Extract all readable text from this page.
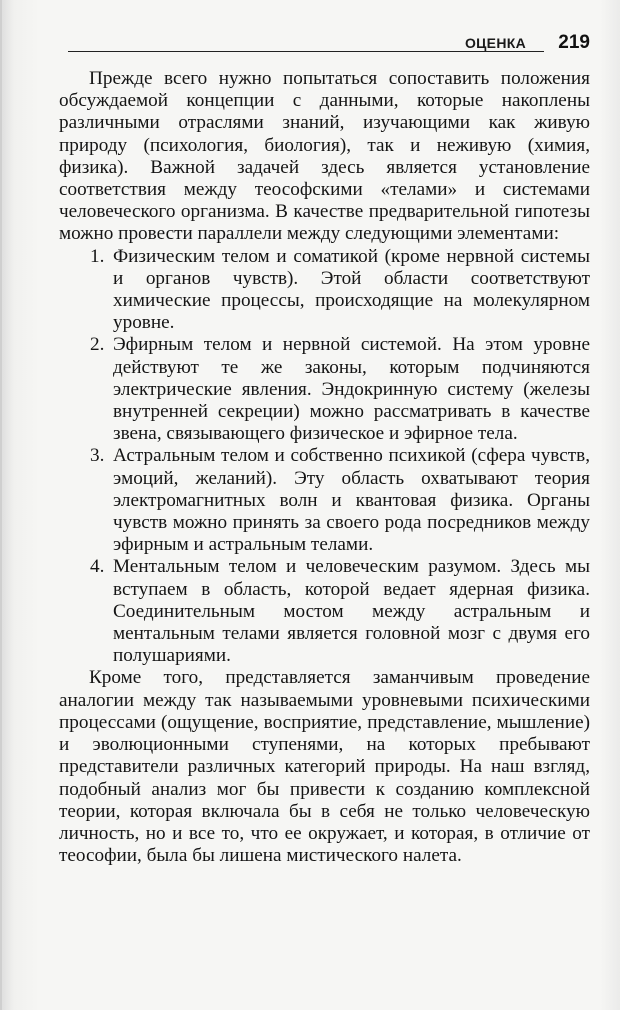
ОЦЕНКА 219

Прежде всего нужно попытаться сопоставить положения обсуждаемой концепции с данными, которые накоплены различными отраслями знаний, изучающими как живую природу (психология, биология), так и неживую (химия, физика). Важной задачей здесь является установление соответствия между теософскими «телами» и системами человеческого организма. В качестве предварительной гипотезы можно провести параллели между следующими элементами:

1. Физическим телом и соматикой (кроме нервной системы и органов чувств). Этой области соответствуют химические процессы, происходящие на молекулярном уровне.
2. Эфирным телом и нервной системой. На этом уровне действуют те же законы, которым подчиняются электрические явления. Эндокринную систему (железы внутренней секреции) можно рассматривать в качестве звена, связывающего физическое и эфирное тела.
3. Астральным телом и собственно психикой (сфера чувств, эмоций, желаний). Эту область охватывают теория электромагнитных волн и квантовая физика. Органы чувств можно принять за своего рода посредников между эфирным и астральным телами.
4. Ментальным телом и человеческим разумом. Здесь мы вступаем в область, которой ведает ядерная физика. Соединительным мостом между астральным и ментальным телами является головной мозг с двумя его полушариями.

Кроме того, представляется заманчивым проведение аналогии между так называемыми уровневыми психическими процессами (ощущение, восприятие, представление, мышление) и эволюционными ступенями, на которых пребывают представители различных категорий природы. На наш взгляд, подобный анализ мог бы привести к созданию комплексной теории, которая включала бы в себя не только человеческую личность, но и все то, что ее окружает, и которая, в отличие от теософии, была бы лишена мистического налета.
